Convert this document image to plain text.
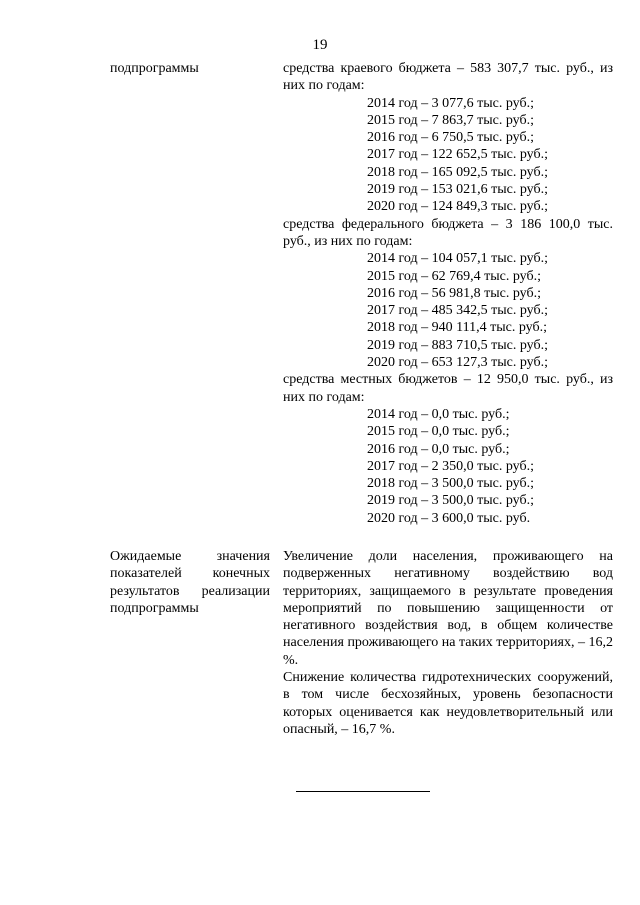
19
подпрограммы	средства краевого бюджета – 583 307,7 тыс. руб., из них по годам:
2014 год – 3 077,6 тыс. руб.;
2015 год – 7 863,7 тыс. руб.;
2016 год – 6 750,5 тыс. руб.;
2017 год – 122 652,5 тыс. руб.;
2018 год – 165 092,5 тыс. руб.;
2019 год – 153 021,6 тыс. руб.;
2020 год – 124 849,3 тыс. руб.;
средства федерального бюджета – 3 186 100,0 тыс. руб., из них по годам:
2014 год – 104 057,1 тыс. руб.;
2015 год – 62 769,4 тыс. руб.;
2016 год – 56 981,8 тыс. руб.;
2017 год – 485 342,5 тыс. руб.;
2018 год – 940 111,4 тыс. руб.;
2019 год – 883 710,5 тыс. руб.;
2020 год – 653 127,3 тыс. руб.;
средства местных бюджетов – 12 950,0 тыс. руб., из них по годам:
2014 год – 0,0 тыс. руб.;
2015 год – 0,0 тыс. руб.;
2016 год – 0,0 тыс. руб.;
2017 год – 2 350,0 тыс. руб.;
2018 год – 3 500,0 тыс. руб.;
2019 год – 3 500,0 тыс. руб.;
2020 год – 3 600,0 тыс. руб.
Ожидаемые значения показателей конечных результатов реализации подпрограммы

Увеличение доли населения, проживающего на подверженных негативному воздействию вод территориях, защищаемого в результате проведения мероприятий по повышению защищенности от негативного воздействия вод, в общем количестве населения проживающего на таких территориях, – 16,2 %.

Снижение количества гидротехнических сооружений, в том числе бесхозяйных, уровень безопасности которых оценивается как неудовлетворительный или опасный, – 16,7 %.
